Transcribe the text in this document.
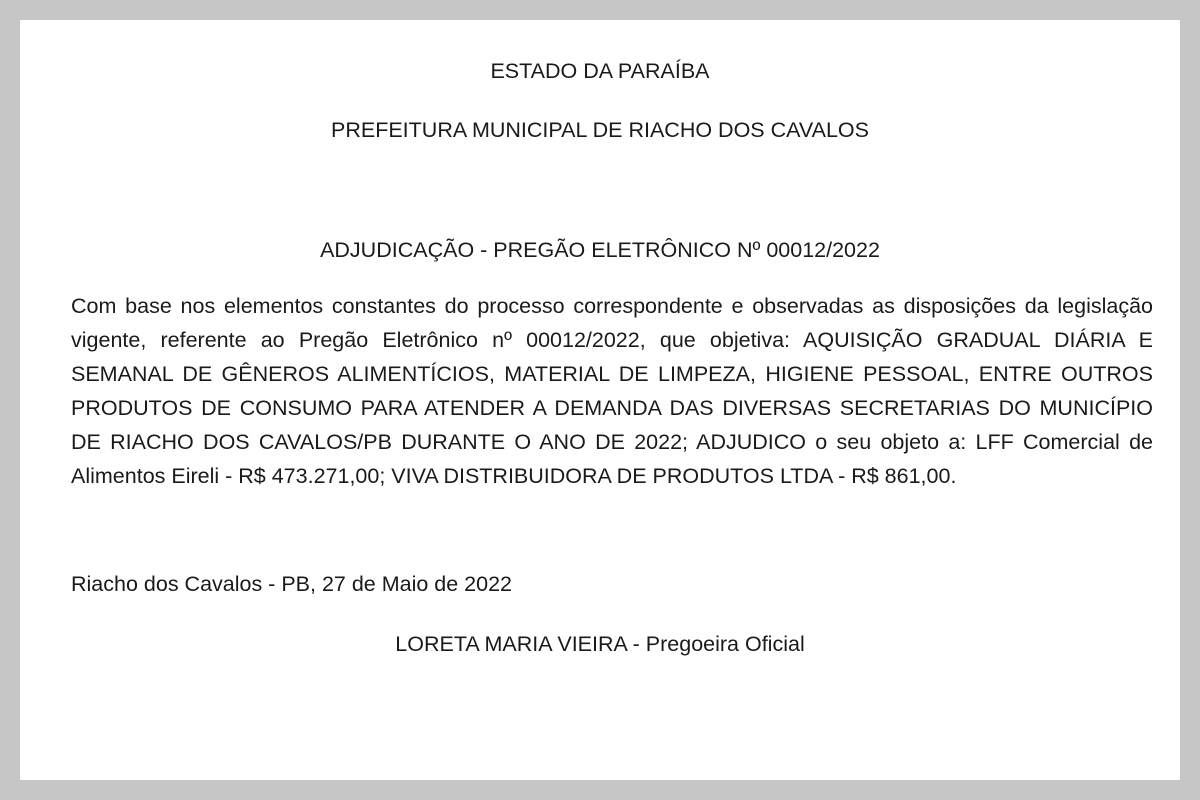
ESTADO DA PARAÍBA

PREFEITURA MUNICIPAL DE RIACHO DOS CAVALOS

ADJUDICAÇÃO - PREGÃO ELETRÔNICO Nº 00012/2022

Com base nos elementos constantes do processo correspondente e observadas as disposições da legislação vigente, referente ao Pregão Eletrônico nº 00012/2022, que objetiva: AQUISIÇÃO GRADUAL DIÁRIA E SEMANAL DE GÊNEROS ALIMENTÍCIOS, MATERIAL DE LIMPEZA, HIGIENE PESSOAL, ENTRE OUTROS PRODUTOS DE CONSUMO PARA ATENDER A DEMANDA DAS DIVERSAS SECRETARIAS DO MUNICÍPIO DE RIACHO DOS CAVALOS/PB DURANTE O ANO DE 2022; ADJUDICO o seu objeto a: LFF Comercial de Alimentos Eireli - R$ 473.271,00; VIVA DISTRIBUIDORA DE PRODUTOS LTDA - R$ 861,00.

Riacho dos Cavalos - PB, 27 de Maio de 2022

LORETA MARIA VIEIRA - Pregoeira Oficial
